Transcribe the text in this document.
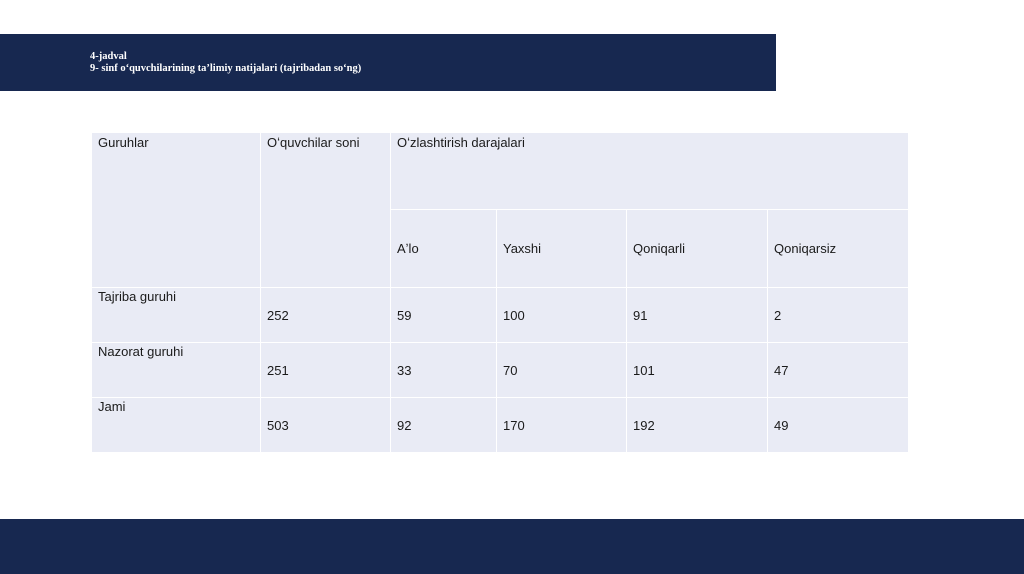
4-jadval
9- sinf oʻquvchilarining taʼlimiy natijalari (tajribadan soʻng)
Guruhlar	Oʻquvchilar soni	Oʻzlashtirish darajalari			

		Aʼlo	Yaxshi	Qoniqarli	Qoniqarsiz

Tajriba guruhi	252	59	100	91	2

Nazorat guruhi	251	33	70	101	47

Jami	503	92	170	192	49
